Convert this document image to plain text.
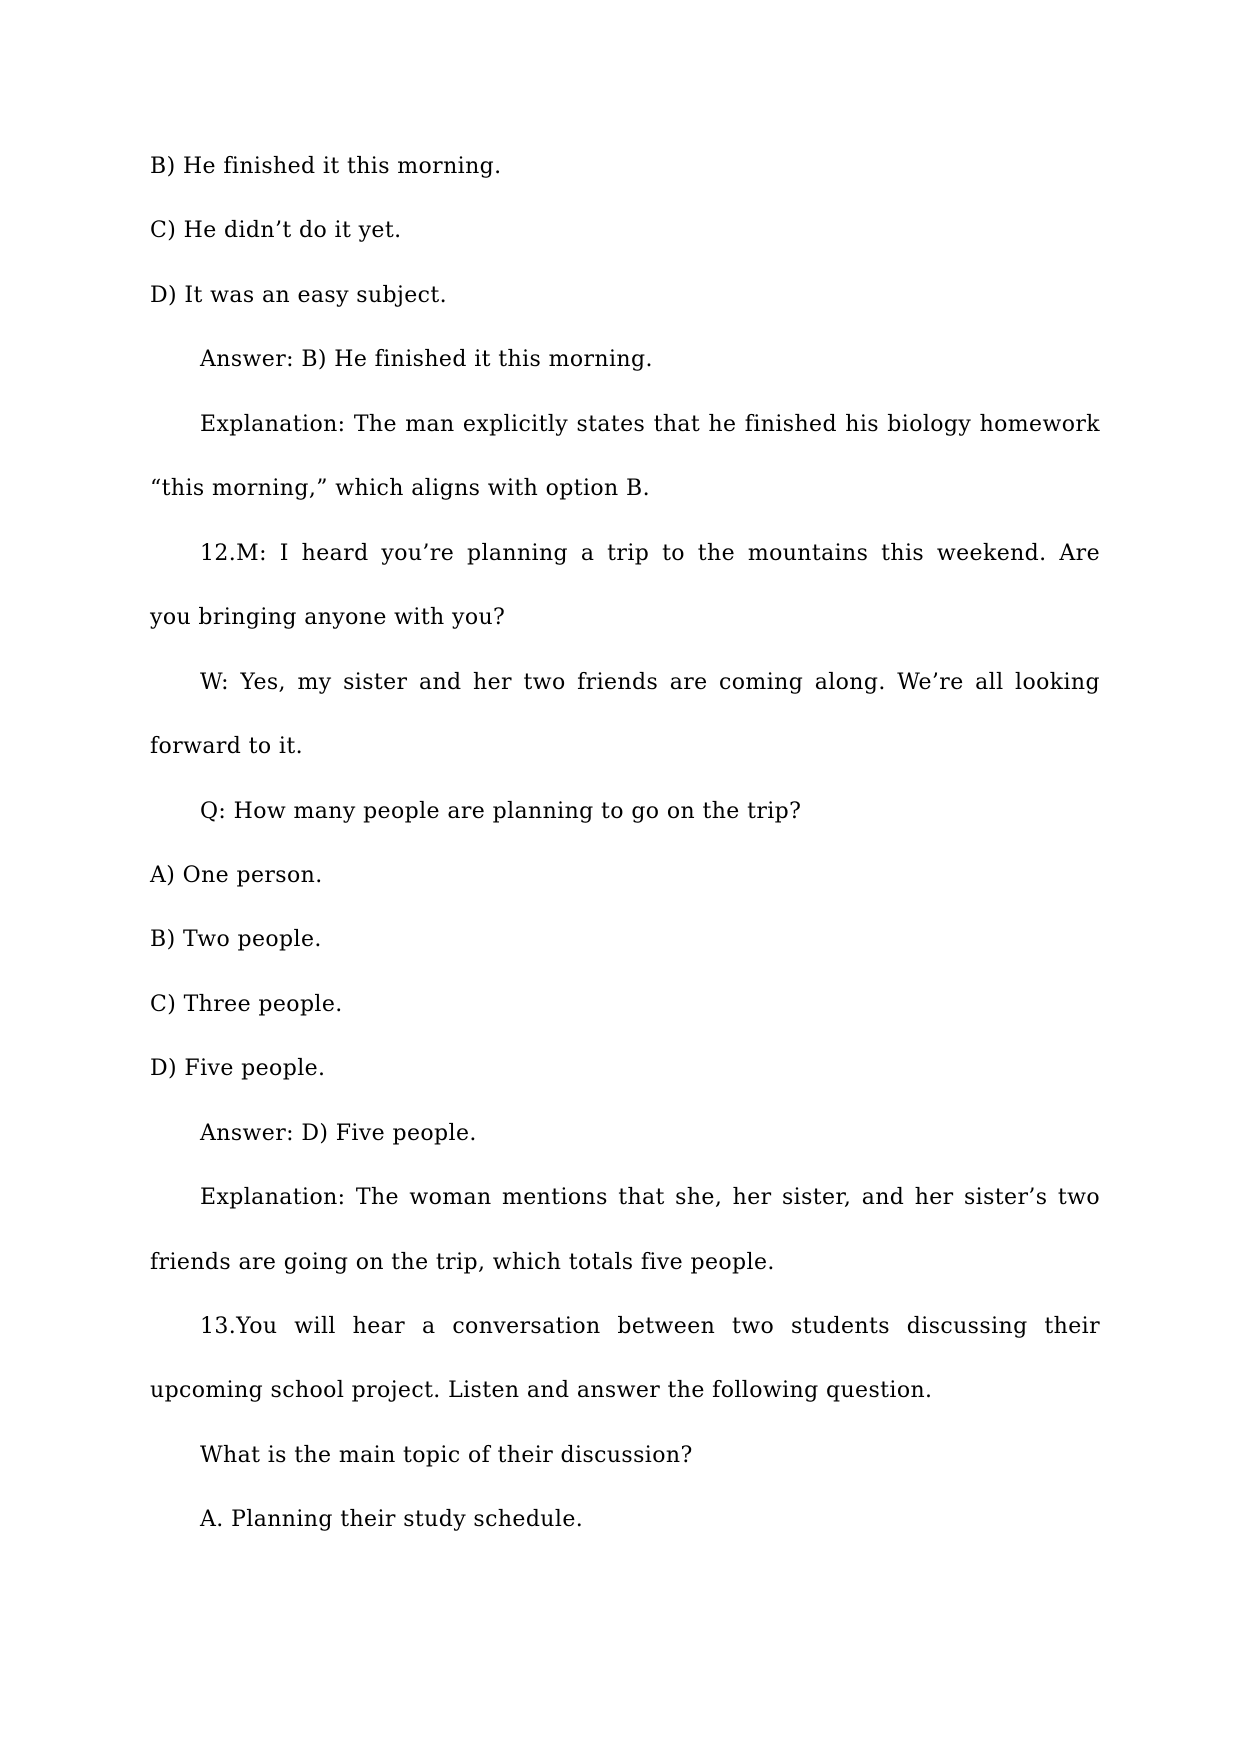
B) He finished it this morning.
C) He didn’t do it yet.
D) It was an easy subject.
Answer: B) He finished it this morning.
Explanation: The man explicitly states that he finished his biology homework
“this morning,” which aligns with option B.
12.M: I heard you’re planning a trip to the mountains this weekend. Are
you bringing anyone with you?
W: Yes, my sister and her two friends are coming along. We’re all looking
forward to it.
Q: How many people are planning to go on the trip?
A) One person.
B) Two people.
C) Three people.
D) Five people.
Answer: D) Five people.
Explanation: The woman mentions that she, her sister, and her sister’s two
friends are going on the trip, which totals five people.
13.You will hear a conversation between two students discussing their
upcoming school project. Listen and answer the following question.
What is the main topic of their discussion?
A. Planning their study schedule.
